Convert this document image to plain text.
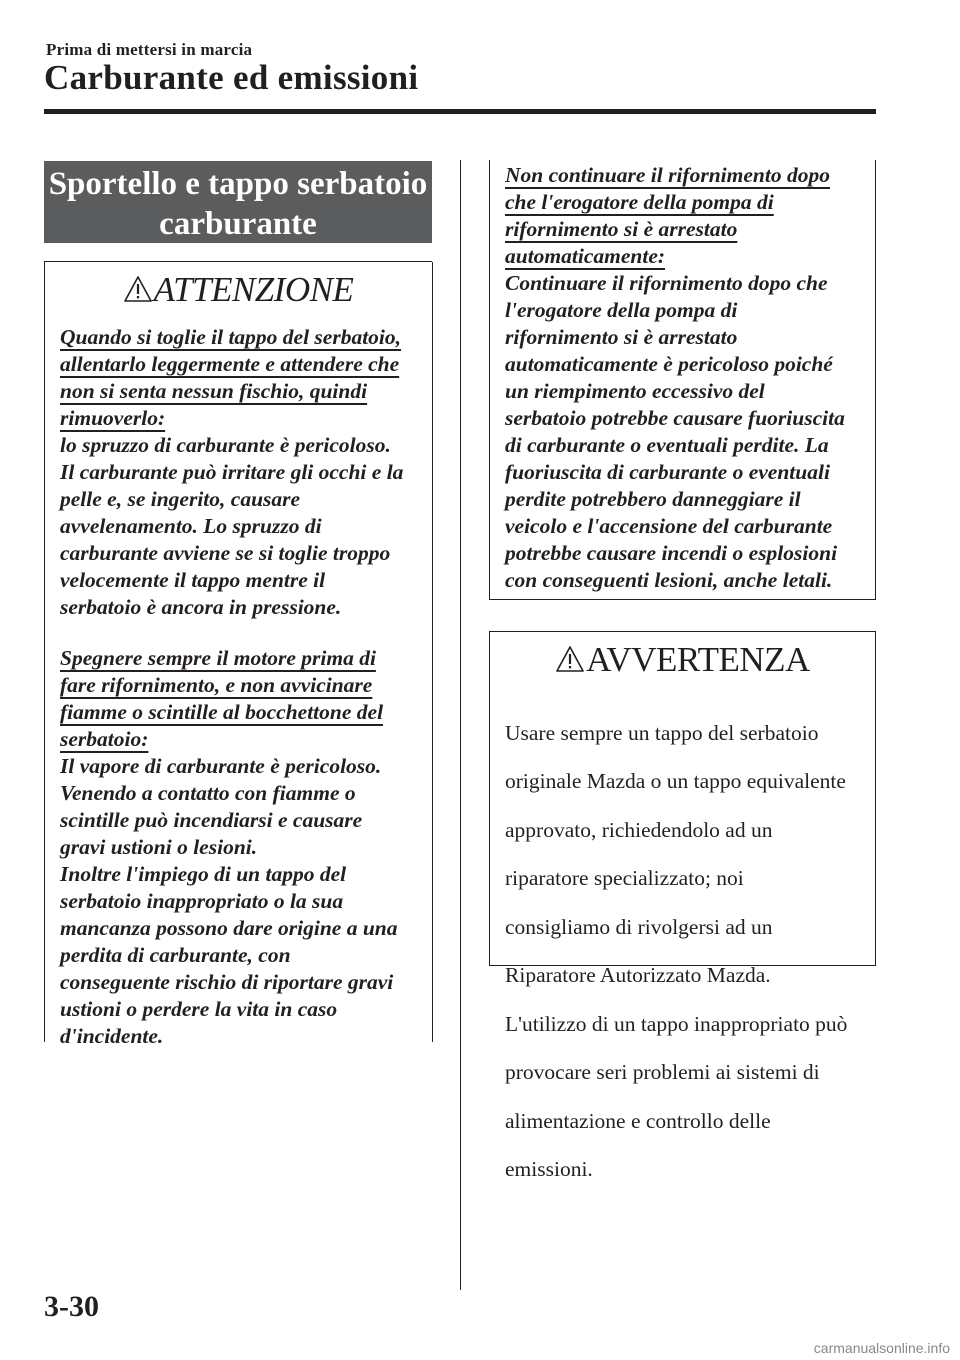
Prima di mettersi in marcia
Carburante ed emissioni
Sportello e tappo serbatoio
carburante
ATTENZIONE

Quando si toglie il tappo del serbatoio,

allentarlo leggermente e attendere che

non si senta nessun fischio, quindi

rimuoverlo:

lo spruzzo di carburante è pericoloso.

Il carburante può irritare gli occhi e la

pelle e, se ingerito, causare

avvelenamento. Lo spruzzo di

carburante avviene se si toglie troppo

velocemente il tappo mentre il

serbatoio è ancora in pressione.

Spegnere sempre il motore prima di

fare rifornimento, e non avvicinare

fiamme o scintille al bocchettone del

serbatoio:

Il vapore di carburante è pericoloso.

Venendo a contatto con fiamme o

scintille può incendiarsi e causare

gravi ustioni o lesioni.

Inoltre l'impiego di un tappo del

serbatoio inappropriato o la sua

mancanza possono dare origine a una

perdita di carburante, con

conseguente rischio di riportare gravi

ustioni o perdere la vita in caso

d'incidente.

Non continuare il rifornimento dopo

che l'erogatore della pompa di

rifornimento si è arrestato

automaticamente:

Continuare il rifornimento dopo che

l'erogatore della pompa di

rifornimento si è arrestato

automaticamente è pericoloso poiché

un riempimento eccessivo del

serbatoio potrebbe causare fuoriuscita

di carburante o eventuali perdite. La

fuoriuscita di carburante o eventuali

perdite potrebbero danneggiare il

veicolo e l'accensione del carburante

potrebbe causare incendi o esplosioni

con conseguenti lesioni, anche letali.

AVVERTENZA

Usare sempre un tappo del serbatoio

originale Mazda o un tappo equivalente

approvato, richiedendolo ad un

riparatore specializzato; noi

consigliamo di rivolgersi ad un

Riparatore Autorizzato Mazda.

L'utilizzo di un tappo inappropriato può

provocare seri problemi ai sistemi di

alimentazione e controllo delle

emissioni.

3-30
carmanualsonline.info
